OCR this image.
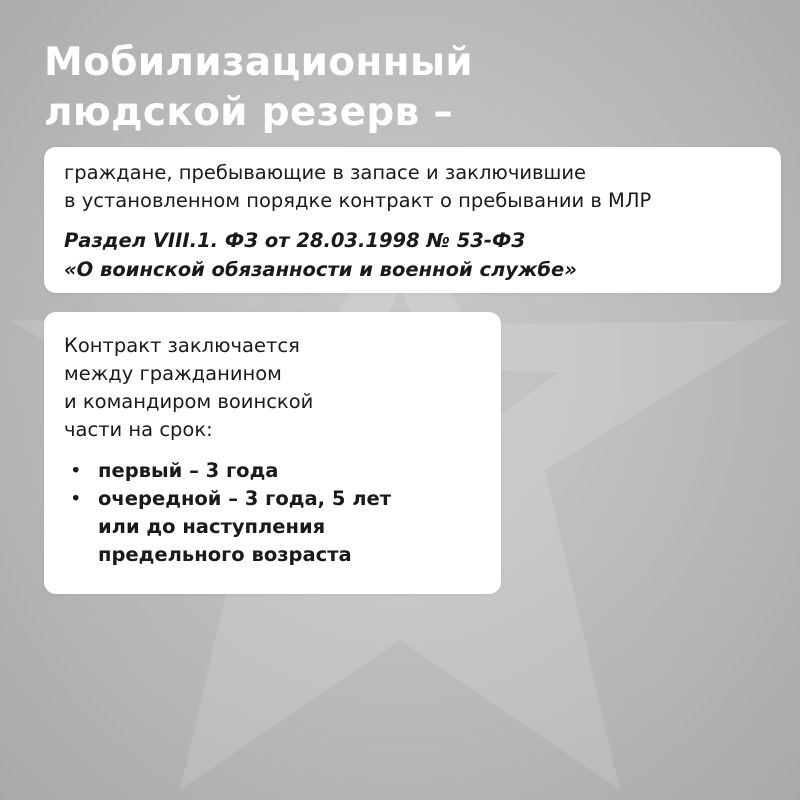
Мобилизационный
людской резерв –

граждане, пребывающие в запасе и заключившие
в установленном порядке контракт о пребывании в МЛР

Раздел VIII.1. ФЗ от 28.03.1998 № 53-ФЗ
«О воинской обязанности и военной службе»

Контракт заключается
между гражданином
и командиром воинской
части на срок:

• первый – 3 года
• очередной – 3 года, 5 лет
или до наступления
предельного возраста
